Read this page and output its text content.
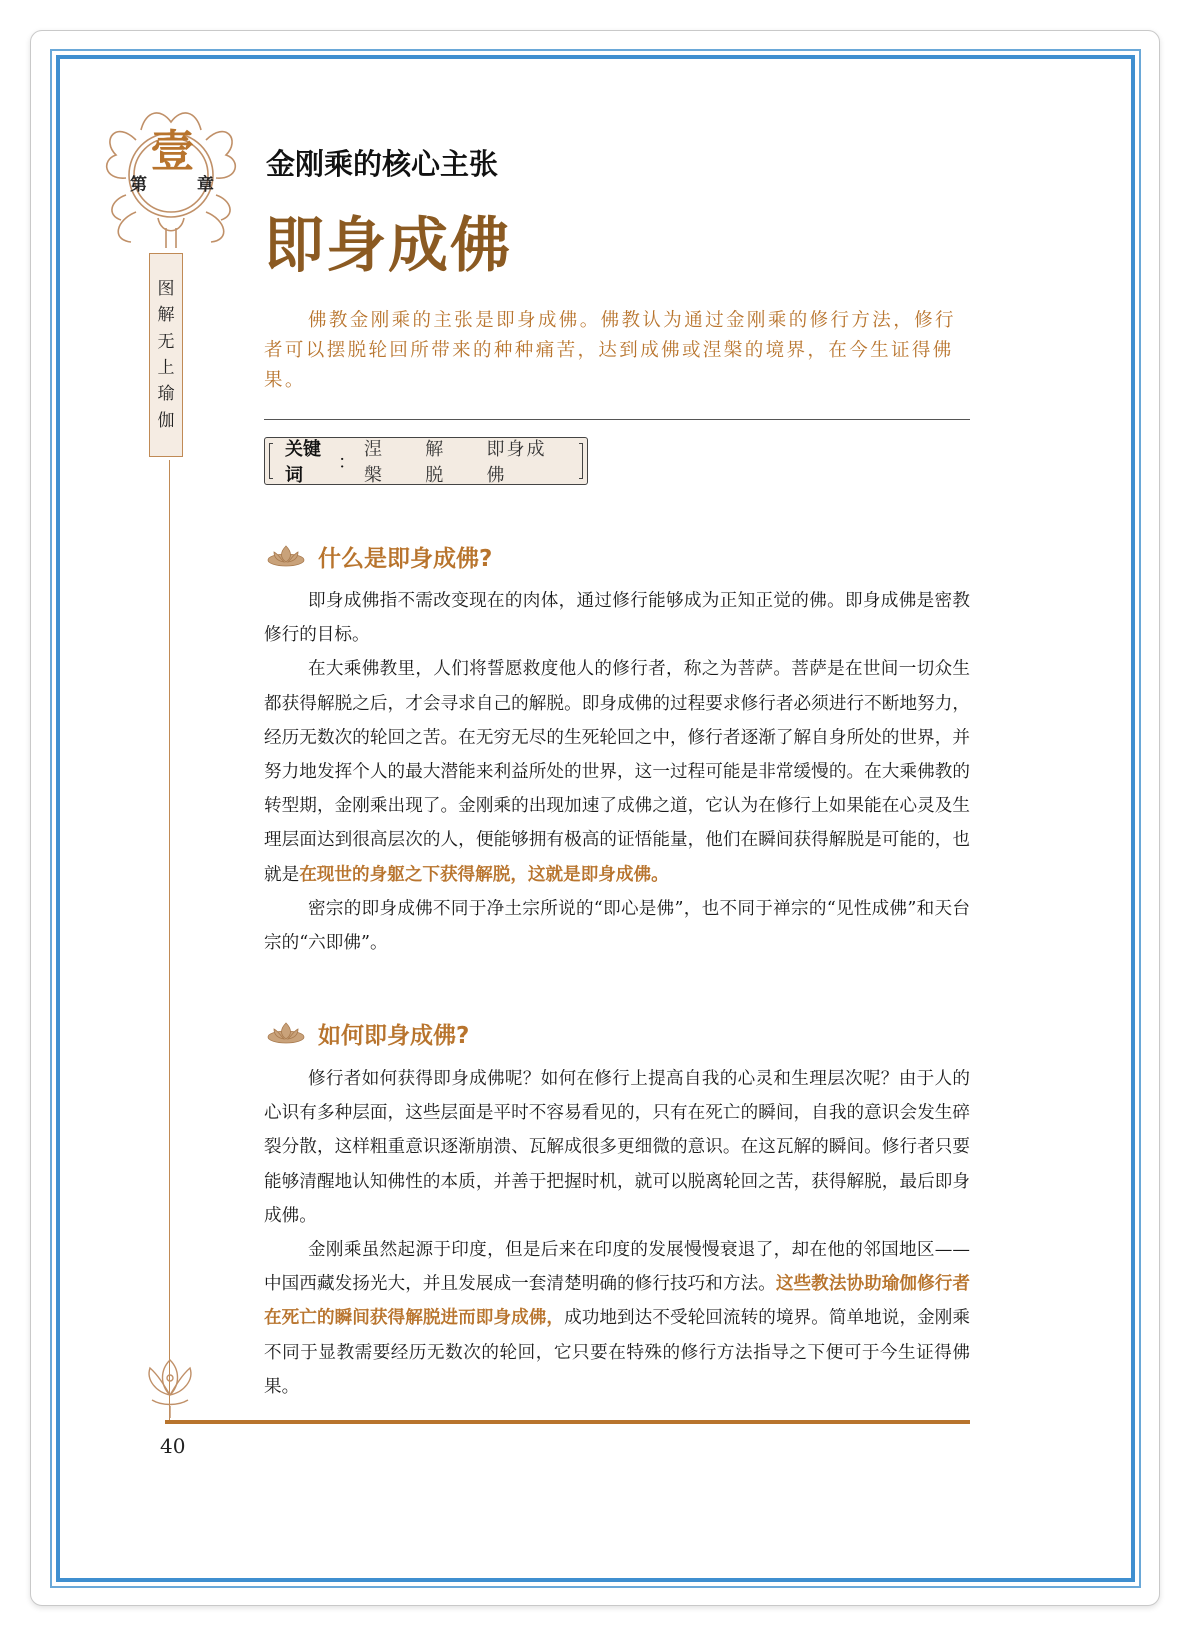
第
壹
章
图
解
无
上
瑜
伽
金刚乘的核心主张
即身成佛

佛教金刚乘的主张是即身成佛。佛教认为通过金刚乘的修行方法，修行者可以摆脱轮回所带来的种种痛苦，达到成佛或涅槃的境界，在今生证得佛果。

关键词
：
涅槃
解脱
即身成佛
什么是即身成佛?

即身成佛指不需改变现在的肉体，通过修行能够成为正知正觉的佛。即身成佛是密教修行的目标。

在大乘佛教里，人们将誓愿救度他人的修行者，称之为菩萨。菩萨是在世间一切众生都获得解脱之后，才会寻求自己的解脱。即身成佛的过程要求修行者必须进行不断地努力，经历无数次的轮回之苦。在无穷无尽的生死轮回之中，修行者逐渐了解自身所处的世界，并努力地发挥个人的最大潜能来利益所处的世界，这一过程可能是非常缓慢的。在大乘佛教的转型期，金刚乘出现了。金刚乘的出现加速了成佛之道，它认为在修行上如果能在心灵及生理层面达到很高层次的人，便能够拥有极高的证悟能量，他们在瞬间获得解脱是可能的，也就是在现世的身躯之下获得解脱，这就是即身成佛。

密宗的即身成佛不同于净土宗所说的“即心是佛”，也不同于禅宗的“见性成佛”和天台宗的“六即佛”。

如何即身成佛?

修行者如何获得即身成佛呢？如何在修行上提高自我的心灵和生理层次呢？由于人的心识有多种层面，这些层面是平时不容易看见的，只有在死亡的瞬间，自我的意识会发生碎裂分散，这样粗重意识逐渐崩溃、瓦解成很多更细微的意识。在这瓦解的瞬间。修行者只要能够清醒地认知佛性的本质，并善于把握时机，就可以脱离轮回之苦，获得解脱，最后即身成佛。

金刚乘虽然起源于印度，但是后来在印度的发展慢慢衰退了，却在他的邻国地区——中国西藏发扬光大，并且发展成一套清楚明确的修行技巧和方法。这些教法协助瑜伽修行者在死亡的瞬间获得解脱进而即身成佛，成功地到达不受轮回流转的境界。简单地说，金刚乘不同于显教需要经历无数次的轮回，它只要在特殊的修行方法指导之下便可于今生证得佛果。

40
